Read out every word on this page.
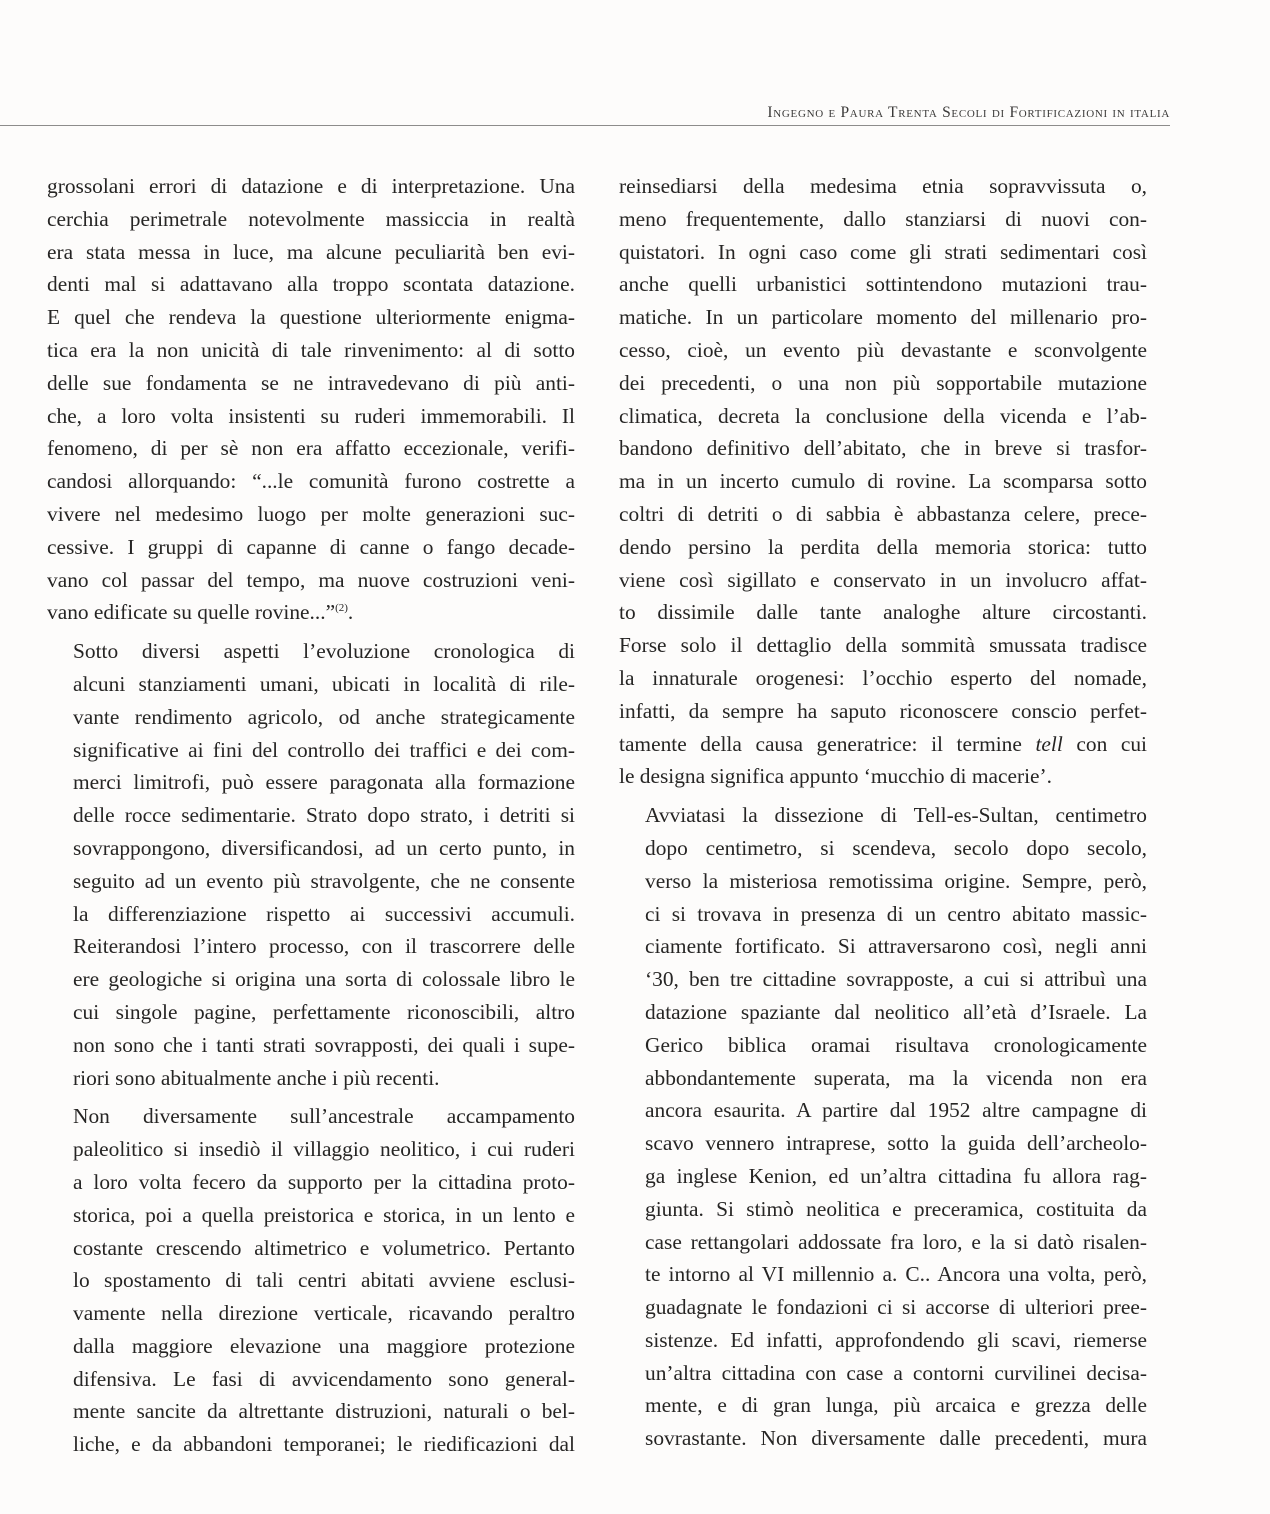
Ingegno e Paura Trenta Secoli di Fortificazioni in italia

grossolani errori di datazione e di interpretazione. Una
cerchia perimetrale notevolmente massiccia in realtà
era stata messa in luce, ma alcune peculiarità ben evi-
denti mal si adattavano alla troppo scontata datazione.
E quel che rendeva la questione ulteriormente enigma-
tica era la non unicità di tale rinvenimento: al di sotto
delle sue fondamenta se ne intravedevano di più anti-
che, a loro volta insistenti su ruderi immemorabili. Il
fenomeno, di per sè non era affatto eccezionale, verifi-
candosi allorquando: “...le comunità furono costrette a
vivere nel medesimo luogo per molte generazioni suc-
cessive. I gruppi di capanne di canne o fango decade-
vano col passar del tempo, ma nuove costruzioni veni-
vano edificate su quelle rovine...”$^{(2)}$.

Sotto diversi aspetti l’evoluzione cronologica di
alcuni stanziamenti umani, ubicati in località di rile-
vante rendimento agricolo, od anche strategicamente
significative ai fini del controllo dei traffici e dei com-
merci limitrofi, può essere paragonata alla formazione
delle rocce sedimentarie. Strato dopo strato, i detriti si
sovrappongono, diversificandosi, ad un certo punto, in
seguito ad un evento più stravolgente, che ne consente
la differenziazione rispetto ai successivi accumuli.
Reiterandosi l’intero processo, con il trascorrere delle
ere geologiche si origina una sorta di colossale libro le
cui singole pagine, perfettamente riconoscibili, altro
non sono che i tanti strati sovrapposti, dei quali i supe-
riori sono abitualmente anche i più recenti.

Non diversamente sull’ancestrale accampamento
paleolitico si insediò il villaggio neolitico, i cui ruderi
a loro volta fecero da supporto per la cittadina proto-
storica, poi a quella preistorica e storica, in un lento e
costante crescendo altimetrico e volumetrico. Pertanto
lo spostamento di tali centri abitati avviene esclusi-
vamente nella direzione verticale, ricavando peraltro
dalla maggiore elevazione una maggiore protezione
difensiva. Le fasi di avvicendamento sono general-
mente sancite da altrettante distruzioni, naturali o bel-
liche, e da abbandoni temporanei; le riedificazioni dal

reinsediarsi della medesima etnia sopravvissuta o,
meno frequentemente, dallo stanziarsi di nuovi con-
quistatori. In ogni caso come gli strati sedimentari così
anche quelli urbanistici sottintendono mutazioni trau-
matiche. In un particolare momento del millenario pro-
cesso, cioè, un evento più devastante e sconvolgente
dei precedenti, o una non più sopportabile mutazione
climatica, decreta la conclusione della vicenda e l’ab-
bandono definitivo dell’abitato, che in breve si trasfor-
ma in un incerto cumulo di rovine. La scomparsa sotto
coltri di detriti o di sabbia è abbastanza celere, prece-
dendo persino la perdita della memoria storica: tutto
viene così sigillato e conservato in un involucro affat-
to dissimile dalle tante analoghe alture circostanti.
Forse solo il dettaglio della sommità smussata tradisce
la innaturale orogenesi: l’occhio esperto del nomade,
infatti, da sempre ha saputo riconoscere conscio perfet-
tamente della causa generatrice: il termine tell con cui
le designa significa appunto ‘mucchio di macerie’.

Avviatasi la dissezione di Tell-es-Sultan, centimetro
dopo centimetro, si scendeva, secolo dopo secolo,
verso la misteriosa remotissima origine. Sempre, però,
ci si trovava in presenza di un centro abitato massic-
ciamente fortificato. Si attraversarono così, negli anni
‘30, ben tre cittadine sovrapposte, a cui si attribuì una
datazione spaziante dal neolitico all’età d’Israele. La
Gerico biblica oramai risultava cronologicamente
abbondantemente superata, ma la vicenda non era
ancora esaurita. A partire dal 1952 altre campagne di
scavo vennero intraprese, sotto la guida dell’archeolo-
ga inglese Kenion, ed un’altra cittadina fu allora rag-
giunta. Si stimò neolitica e preceramica, costituita da
case rettangolari addossate fra loro, e la si datò risalen-
te intorno al VI millennio a. C.. Ancora una volta, però,
guadagnate le fondazioni ci si accorse di ulteriori pree-
sistenze. Ed infatti, approfondendo gli scavi, riemerse
un’altra cittadina con case a contorni curvilinei decisa-
mente, e di gran lunga, più arcaica e grezza delle
sovrastante. Non diversamente dalle precedenti, mura
